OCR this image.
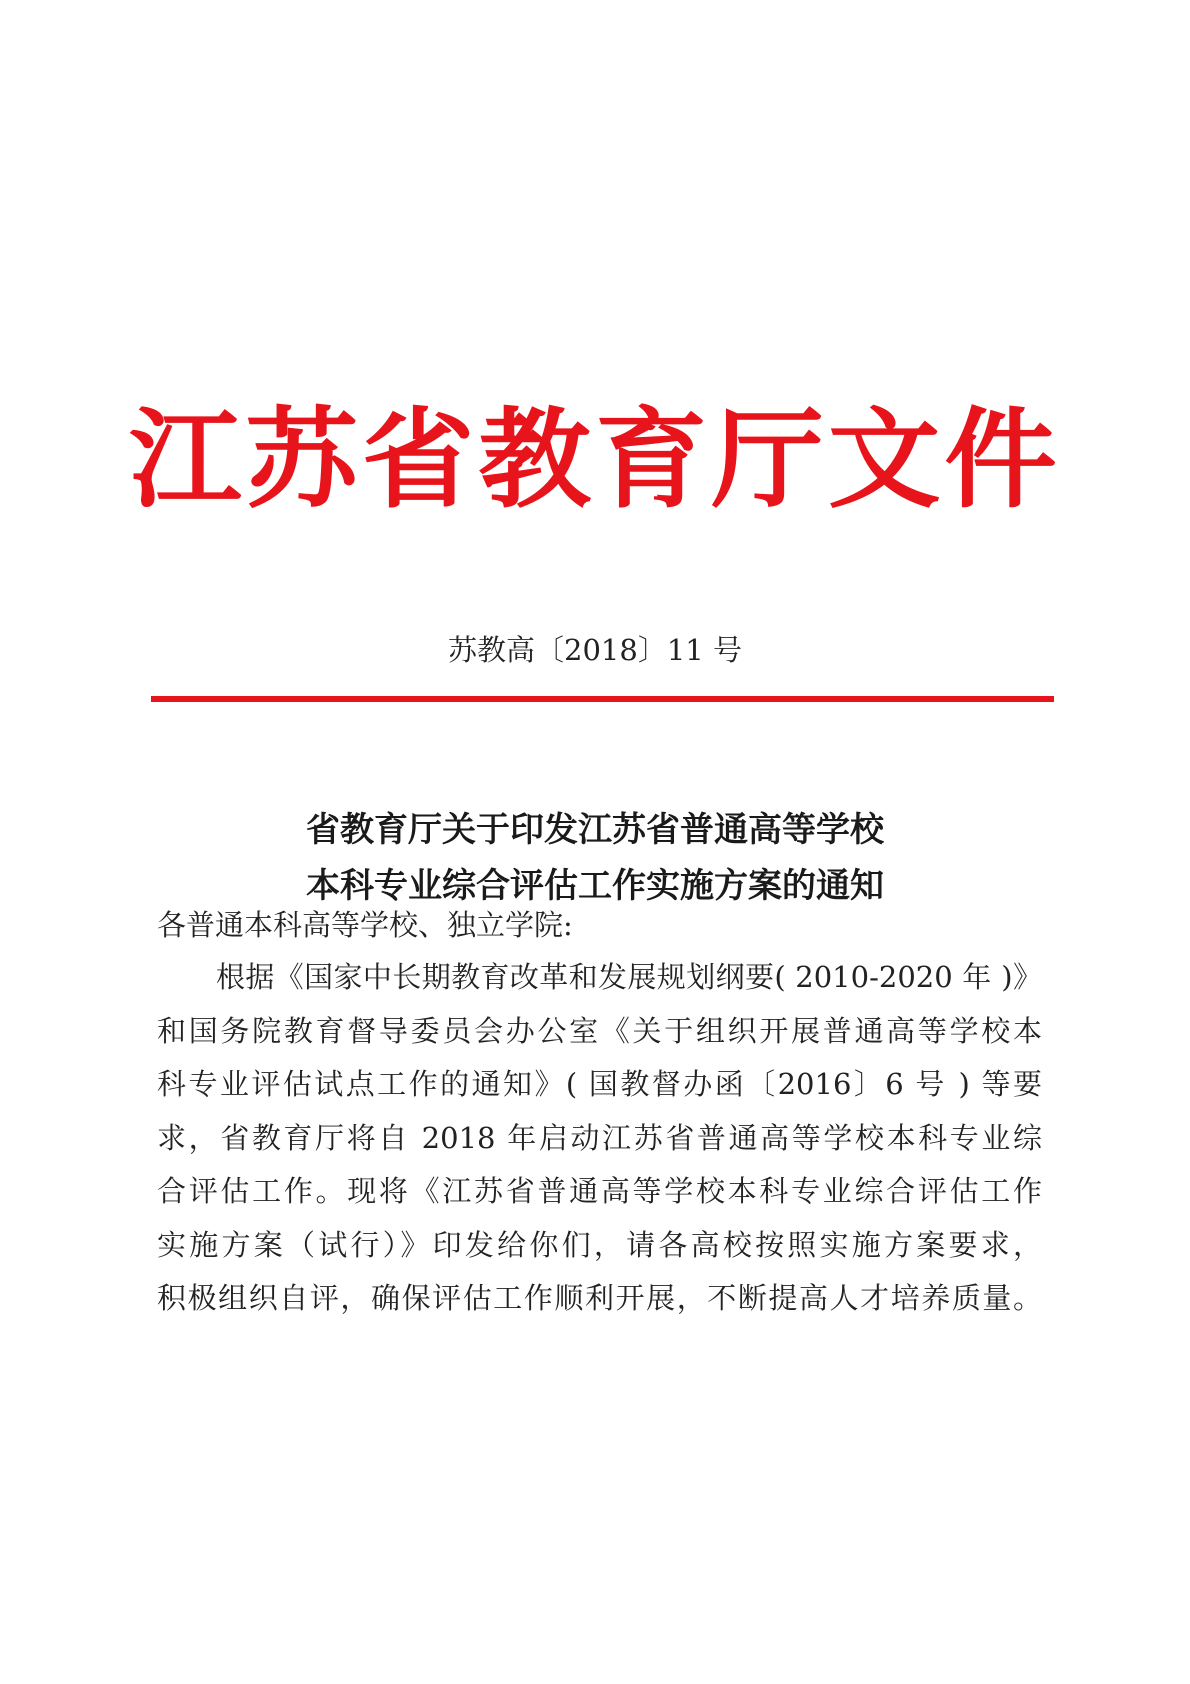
江苏省教育厅文件
苏教高〔2018〕11 号
省教育厅关于印发江苏省普通高等学校
本科专业综合评估工作实施方案的通知
各普通本科高等学校、独立学院:
根据《国家中长期教育改革和发展规划纲要( 2010-2020 年 )》
和国务院教育督导委员会办公室《关于组织开展普通高等学校本
科专业评估试点工作的通知》( 国教督办函〔2016〕6 号 ) 等要
求，省教育厅将自 2018 年启动江苏省普通高等学校本科专业综
合评估工作。现将《江苏省普通高等学校本科专业综合评估工作
实施方案（试行）》印发给你们，请各高校按照实施方案要求，
积极组织自评，确保评估工作顺利开展，不断提高人才培养质量。
